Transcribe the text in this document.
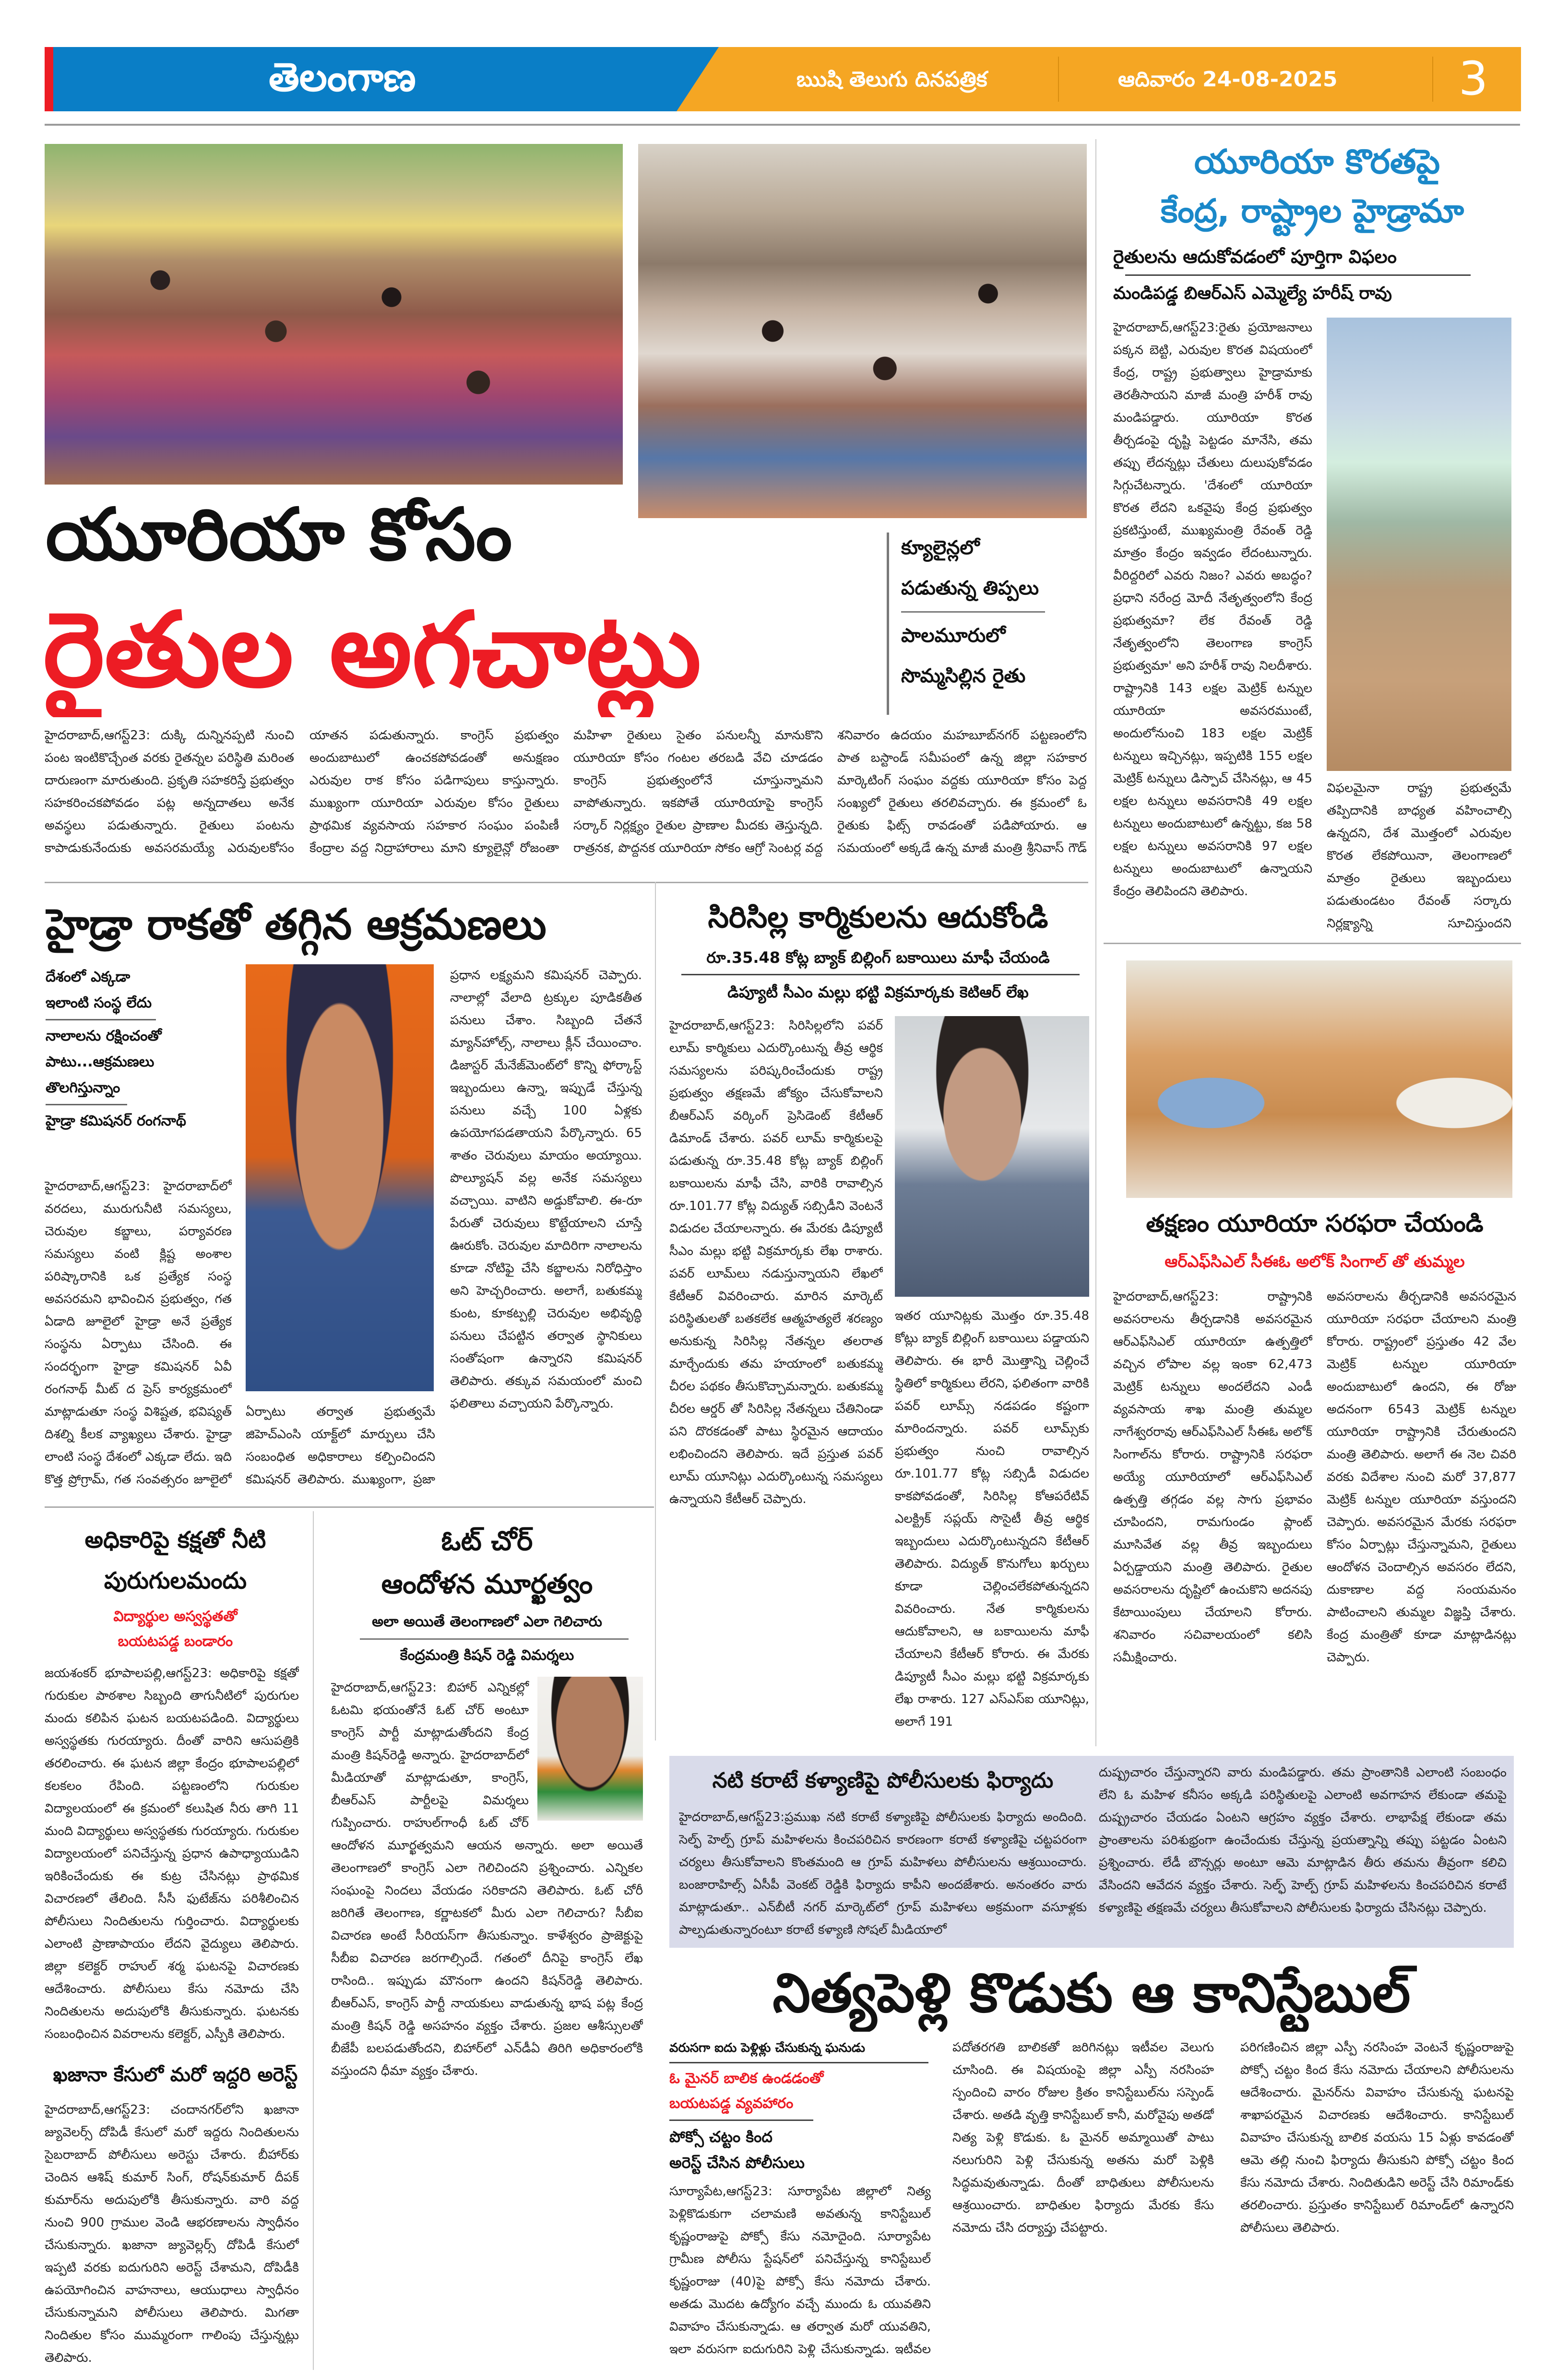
తెలంగాణ	ఋషి తెలుగు దినపత్రిక	ఆదివారం 24-08-2025	3
యూరియా కోసం
రైతుల అగచాట్లు
క్యూలైన్లలో
పడుతున్న తిప్పలు
పాలమూరులో
సొమ్మసిల్లిన రైతు
హైదరాబాద్,ఆగస్ట్23: దుక్కి దున్నినప్పటి నుంచి పంట ఇంటికొచ్చేంత వరకు రైతన్నల పరిస్థితి మరింత దారుణంగా మారుతుంది. ప్రకృతి సహకరిస్తే ప్రభుత్వం సహకరించకపోవడం పట్ల అన్నదాతలు అనేక అవస్థలు పడుతున్నారు. రైతులు పంటను కాపాడుకునేందుకు అవసరమయ్యే ఎరువులకోసం
యాతన పడుతున్నారు. కాంగ్రెస్ ప్రభుత్వం అందుబాటులో ఉంచకపోవడంతో అనుక్షణం ఎరువుల రాక కోసం పడిగాపులు కాస్తున్నారు. ముఖ్యంగా యూరియా ఎరువుల కోసం రైతులు ప్రాథమిక వ్యవసాయ సహకార సంఘం పంపిణీ కేంద్రాల వద్ద నిద్రాహారాలు మాని క్యూలైన్లో రోజంతా
మహిళా రైతులు సైతం పనులన్నీ మానుకొని యూరియా కోసం గంటల తరబడి వేచి చూడడం కాంగ్రెస్ ప్రభుత్వంలోనే చూస్తున్నామని వాపోతున్నారు. ఇకపోతే యూరియాపై కాంగ్రెస్ సర్కార్ నిర్లక్ష్యం రైతుల ప్రాణాల మీదకు తెస్తున్నది. రాత్రనక, పొద్దనక యూరియా సోకం ఆగ్రో సెంటర్ల వద్ద
శనివారం ఉదయం మహబూబ్‌నగర్ పట్టణంలోని పాత బస్టాండ్ సమీపంలో ఉన్న జిల్లా సహకార మార్కెటింగ్ సంఘం వద్దకు యూరియా కోసం పెద్ద సంఖ్యలో రైతులు తరలివచ్చారు. ఈ క్రమంలో ఓ రైతుకు ఫిట్స్ రావడంతో పడిపోయారు. ఆ సమయంలో అక్కడే ఉన్న మాజీ మంత్రి శ్రీనివాస్ గౌడ్
యూరియా కొరతపై
కేంద్ర, రాష్ట్రాల హైడ్రామా
రైతులను ఆదుకోవడంలో పూర్తిగా విఫలం
మండిపడ్డ బిఆర్ఎస్ ఎమ్మెల్యే హరీష్ రావు
హైదరాబాద్,ఆగస్ట్23:రైతు ప్రయోజనాలు పక్కన బెట్టి, ఎరువుల కొరత విషయంలో కేంద్ర, రాష్ట్ర ప్రభుత్వాలు హైడ్రామాకు తెరతీసాయని మాజీ మంత్రి హరీశ్ రావు మండిపడ్డారు. యూరియా కొరత తీర్చడంపై దృష్టి పెట్టడం మానేసి, తమ తప్పు లేదన్నట్లు చేతులు దులుపుకోవడం సిగ్గుచేటన్నారు. 'దేశంలో యూరియా కొరత లేదని ఒకవైపు కేంద్ర ప్రభుత్వం ప్రకటిస్తుంటే, ముఖ్యమంత్రి రేవంత్ రెడ్డి మాత్రం కేంద్రం ఇవ్వడం లేదంటున్నారు. వీరిద్దరిలో ఎవరు నిజం? ఎవరు అబద్ధం? ప్రధాని నరేంద్ర మోదీ నేతృత్వంలోని కేంద్ర ప్రభుత్వమా? లేక రేవంత్ రెడ్డి నేతృత్వంలోని తెలంగాణ కాంగ్రెస్ ప్రభుత్వమా' అని హరీశ్ రావు నిలదీశారు. రాష్ట్రానికి 143 లక్షల మెట్రిక్ టన్నుల యూరియా అవసరముంటే, అందులోనుంచి 183 లక్షల మెట్రిక్ టన్నులు ఇచ్చినట్లు, ఇప్పటికి 155 లక్షల మెట్రిక్ టన్నులు డిస్పాచ్ చేసినట్లు, ఆ 45 లక్షల టన్నులు అవసరానికి 49 లక్షల టన్నులు అందుబాటులో ఉన్నట్టు, కజ 58 లక్షల టన్నులు అవసరానికి 97 లక్షల టన్నులు అందుబాటులో ఉన్నాయని కేంద్రం తెలిపిందని తెలిపారు.
విఫలమైనా రాష్ట్ర ప్రభుత్వమే తప్పిదానికి బాధ్యత వహించాల్సి ఉన్నదని, దేశ మొత్తంలో ఎరువుల కొరత లేకపోయినా, తెలంగాణలో మాత్రం రైతులు ఇబ్బందులు పడుతుండటం రేవంత్ సర్కారు నిర్లక్ష్యాన్ని సూచిస్తుందని
తక్షణం యూరియా సరఫరా చేయండి
ఆర్ఎఫ్‌సిఎల్ సీఈఓ అలోక్ సింగాల్ తో తుమ్మల
హైదరాబాద్,ఆగస్ట్23: రాష్ట్రానికి అవసరాలను తీర్చడానికి అవసరమైన ఆర్ఎఫ్‌సిఎల్ యూరియా ఉత్పత్తిలో వచ్చిన లోపాల వల్ల ఇంకా 62,473 మెట్రిక్ టన్నులు అందలేదని ఎండీ వ్యవసాయ శాఖ మంత్రి తుమ్మల నాగేశ్వరరావు ఆర్ఎఫ్‌సిఎల్ సీఈఓ అలోక్ సింగాల్‌ను కోరారు. రాష్ట్రానికి సరఫరా అయ్యే యూరియాలో ఆర్ఎఫ్‌సిఎల్ ఉత్పత్తి తగ్గడం వల్ల సాగు ప్రభావం చూపిందని, రామగుండం ప్లాంట్ మూసివేత వల్ల తీవ్ర ఇబ్బందులు ఏర్పడ్డాయని మంత్రి తెలిపారు. రైతుల అవసరాలను దృష్టిలో ఉంచుకొని అదనపు కేటాయింపులు చేయాలని కోరారు. శనివారం సచివాలయంలో కలిసి సమీక్షించారు.
అవసరాలను తీర్చడానికి అవసరమైన యూరియా సరఫరా చేయాలని మంత్రి కోరారు. రాష్ట్రంలో ప్రస్తుతం 42 వేల మెట్రిక్ టన్నుల యూరియా అందుబాటులో ఉందని, ఈ రోజు అదనంగా 6543 మెట్రిక్ టన్నుల యూరియా రాష్ట్రానికి చేరుతుందని మంత్రి తెలిపారు. అలాగే ఈ నెల చివరి వరకు విదేశాల నుంచి మరో 37,877 మెట్రిక్ టన్నుల యూరియా వస్తుందని చెప్పారు. అవసరమైన మేరకు సరఫరా కోసం ఏర్పాట్లు చేస్తున్నామని, రైతులు ఆందోళన చెందాల్సిన అవసరం లేదని, దుకాణాల వద్ద సంయమనం పాటించాలని తుమ్మల విజ్ఞప్తి చేశారు. కేంద్ర మంత్రితో కూడా మాట్లాడినట్లు చెప్పారు.
హైడ్రా రాకతో తగ్గిన ఆక్రమణలు
దేశంలో ఎక్కడా
ఇలాంటి సంస్థ లేదు
నాలాలను రక్షించంతో
పాటు...ఆక్రమణలు
తొలగిస్తున్నాం
హైడ్రా కమిషనర్ రంగనాథ్
హైదరాబాద్,ఆగస్ట్23: హైదరాబాద్‌లో వరదలు, మురుగునీటి సమస్యలు, చెరువుల కబ్జాలు, పర్యావరణ సమస్యలు వంటి క్లిష్ట అంశాల పరిష్కారానికి ఒక ప్రత్యేక సంస్థ అవసరమని భావించిన ప్రభుత్వం, గత ఏడాది జూలైలో హైడ్రా అనే ప్రత్యేక సంస్థను ఏర్పాటు చేసింది. ఈ సందర్భంగా హైడ్రా కమిషనర్ ఏవీ రంగనాథ్ మీట్ ద ప్రెస్ కార్యక్రమంలో మాట్లాడుతూ సంస్థ విశిష్టత, భవిష్యత్ దిశల్ని కీలక వ్యాఖ్యలు చేశారు. హైడ్రా లాంటి సంస్థ దేశంలో ఎక్కడా లేదు. ఇది కొత్త ప్రోగ్రామ్, గత సంవత్సరం జూలైలో
ఏర్పాటు తర్వాత ప్రభుత్వమే జిహెచ్ఎంసి యాక్ట్‌లో మార్పులు చేసి సంబంధిత అధికారాలు కల్పించిందని కమిషనర్ తెలిపారు. ముఖ్యంగా, ప్రజా
ప్రధాన లక్ష్యమని కమిషనర్ చెప్పారు. నాలాల్లో వేలాది ట్రక్కుల పూడికతీత పనులు చేశాం. సిబ్బంది చేతనే మ్యాన్‌హోల్స్, నాలాలు క్లీన్ చేయించాం. డిజాస్టర్ మేనేజ్‌మెంట్‌లో కొన్ని ఫోర్కాస్ట్ ఇబ్బందులు ఉన్నా, ఇప్పుడే చేస్తున్న పనులు వచ్చే 100 ఏళ్లకు ఉపయోగపడతాయని పేర్కొన్నారు. 65 శాతం చెరువులు మాయం అయ్యాయి. పొల్యూషన్ వల్ల అనేక సమస్యలు వచ్చాయి. వాటిని అడ్డుకోవాలి. ఈ-రూ పేరుతో చెరువులు కొట్టేయాలని చూస్తే ఊరుకోం. చెరువుల మాదిరిగా నాలాలను కూడా నోటిఫై చేసి కబ్జాలను నిరోధిస్తాం అని హెచ్చరించారు. అలాగే, బతుకమ్మ కుంట, కూకట్పల్లి చెరువుల అభివృద్ధి పనులు చేపట్టిన తర్వాత స్థానికులు సంతోషంగా ఉన్నారని కమిషనర్ తెలిపారు. తక్కువ సమయంలో మంచి ఫలితాలు వచ్చాయని పేర్కొన్నారు.
సిరిసిల్ల కార్మికులను ఆదుకోండి
రూ.35.48 కోట్ల బ్యాక్ బిల్లింగ్ బకాయిలు మాఫీ చేయండి
డిప్యూటీ సీఎం మల్లు భట్టి విక్రమార్కకు కెటిఆర్ లేఖ
హైదరాబాద్,ఆగస్ట్23: సిరిసిల్లలోని పవర్ లూమ్ కార్మికులు ఎదుర్కొంటున్న తీవ్ర ఆర్థిక సమస్యలను పరిష్కరించేందుకు రాష్ట్ర ప్రభుత్వం తక్షణమే జోక్యం చేసుకోవాలని బీఆర్ఎస్ వర్కింగ్ ప్రెసిడెంట్ కేటీఆర్ డిమాండ్ చేశారు. పవర్ లూమ్ కార్మికులపై పడుతున్న రూ.35.48 కోట్ల బ్యాక్ బిల్లింగ్ బకాయిలను మాఫీ చేసి, వారికి రావాల్సిన రూ.101.77 కోట్ల విద్యుత్ సబ్సిడీని వెంటనే విడుదల చేయాలన్నారు. ఈ మేరకు డిప్యూటీ సీఎం మల్లు భట్టి విక్రమార్కకు లేఖ రాశారు. పవర్ లూమ్‌లు నడుస్తున్నాయని లేఖలో కేటీఆర్ వివరించారు. మారిన మార్కెట్ పరిస్థితులతో బతకలేక ఆత్మహత్యలే శరణ్యం అనుకున్న సిరిసిల్ల నేతన్నల తలరాత మార్చేందుకు తమ హయాంలో బతుకమ్మ చీరల పథకం తీసుకొచ్చామన్నారు. బతుకమ్మ చీరల ఆర్డర్ తో సిరిసిల్ల నేతన్నలు చేతినిండా పని దొరకడంతో పాటు స్థిరమైన ఆదాయం లభించిందని తెలిపారు. ఇదే ప్రస్తుత పవర్ లూమ్ యూనిట్లు ఎదుర్కొంటున్న సమస్యలు ఉన్నాయని కేటీఆర్ చెప్పారు.
ఇతర యూనిట్లకు మొత్తం రూ.35.48 కోట్లు బ్యాక్ బిల్లింగ్ బకాయిలు పడ్డాయని తెలిపారు. ఈ భారీ మొత్తాన్ని చెల్లించే స్థితిలో కార్మికులు లేరని, ఫలితంగా వారికి పవర్ లూమ్స్ నడపడం కష్టంగా మారిందన్నారు. పవర్ లూమ్స్‌కు ప్రభుత్వం నుంచి రావాల్సిన రూ.101.77 కోట్ల సబ్సిడీ విడుదల కాకపోవడంతో, సిరిసిల్ల కోఆపరేటివ్ ఎలక్ట్రిక్ సప్లయ్ సొసైటీ తీవ్ర ఆర్థిక ఇబ్బందులు ఎదుర్కొంటున్నదని కేటీఆర్ తెలిపారు. విద్యుత్ కొనుగోలు ఖర్చులు కూడా చెల్లించలేకపోతున్నదని వివరించారు. నేత కార్మికులను ఆదుకోవాలని, ఆ బకాయిలను మాఫీ చేయాలని కేటీఆర్ కోరారు. ఈ మేరకు డిప్యూటీ సీఎం మల్లు భట్టి విక్రమార్కకు లేఖ రాశారు. 127 ఎస్ఎస్ఐ యూనిట్లు, అలాగే 191
అధికారిపై కక్షతో నీటి
పురుగులమందు
విద్యార్థుల అస్వస్థతతో
బయటపడ్డ బండారం
జయశంకర్ భూపాలపల్లి,ఆగస్ట్23: అధికారిపై కక్షతో గురుకుల పాఠశాల సిబ్బంది తాగునీటిలో పురుగుల మందు కలిపిన ఘటన బయటపడింది. విద్యార్థులు అస్వస్థతకు గురయ్యారు. దీంతో వారిని ఆసుపత్రికి తరలించారు. ఈ ఘటన జిల్లా కేంద్రం భూపాలపల్లిలో కలకలం రేపింది. పట్టణంలోని గురుకుల విద్యాలయంలో ఈ క్రమంలో కలుషిత నీరు తాగి 11 మంది విద్యార్థులు అస్వస్థతకు గురయ్యారు. గురుకుల విద్యాలయంలో పనిచేస్తున్న ప్రధాన ఉపాధ్యాయుడిని ఇరికించేందుకు ఈ కుట్ర చేసినట్లు ప్రాథమిక విచారణలో తేలింది. సీసీ ఫుటేజ్‌ను పరిశీలించిన పోలీసులు నిందితులను గుర్తించారు. విద్యార్థులకు ఎలాంటి ప్రాణాపాయం లేదని వైద్యులు తెలిపారు. జిల్లా కలెక్టర్ రాహుల్ శర్మ ఘటనపై విచారణకు ఆదేశించారు. పోలీసులు కేసు నమోదు చేసి నిందితులను అదుపులోకి తీసుకున్నారు. ఘటనకు సంబంధించిన వివరాలను కలెక్టర్, ఎస్పీకి తెలిపారు.
ఖజానా కేసులో మరో ఇద్దరి అరెస్ట్
హైదరాబాద్,ఆగస్ట్23: చందానగర్‌లోని ఖజానా జ్యువెలర్స్ దోపిడీ కేసులో మరో ఇద్దరు నిందితులను సైబరాబాద్ పోలీసులు అరెస్టు చేశారు. బీహార్‌కు చెందిన ఆశిష్ కుమార్ సింగ్, రోషన్‌కుమార్ దీపక్ కుమార్‌ను అదుపులోకి తీసుకున్నారు. వారి వద్ద నుంచి 900 గ్రాముల వెండి ఆభరణాలను స్వాధీనం చేసుకున్నారు. ఖజానా జ్యువెల్లర్స్ దోపిడీ కేసులో ఇప్పటి వరకు ఐదుగురిని అరెస్ట్ చేశామని, దోపిడీకి ఉపయోగించిన వాహనాలు, ఆయుధాలు స్వాధీనం చేసుకున్నామని పోలీసులు తెలిపారు. మిగతా నిందితుల కోసం ముమ్మరంగా గాలింపు చేస్తున్నట్లు తెలిపారు.
ఓట్ చోర్
ఆందోళన మూర్ఖత్వం
అలా అయితే తెలంగాణలో ఎలా గెలిచారు
కేంద్రమంత్రి కిషన్ రెడ్డి విమర్శలు
హైదరాబాద్,ఆగస్ట్23: బిహార్ ఎన్నికల్లో ఓటమి భయంతోనే ఓట్ చోర్ అంటూ కాంగ్రెస్ పార్టీ మాట్లాడుతోందని కేంద్ర మంత్రి కిషన్‌రెడ్డి అన్నారు. హైదరాబాద్‌లో మీడియాతో మాట్లాడుతూ, కాంగ్రెస్, బీఆర్ఎస్ పార్టీలపై విమర్శలు గుప్పించారు. రాహుల్‌గాంధీ ఓట్ చోర్ ఆందోళన మూర్ఖత్వమని ఆయన అన్నారు. అలా అయితే తెలంగాణలో కాంగ్రెస్ ఎలా గెలిచిందని ప్రశ్నించారు. ఎన్నికల సంఘంపై నిందలు వేయడం సరికాదని తెలిపారు. ఓట్ చోరీ జరిగితే తెలంగాణ, కర్ణాటకలో మీరు ఎలా గెలిచారు? సీబీఐ విచారణ అంటే సీరియస్‌గా తీసుకున్నాం. కాళేశ్వరం ప్రాజెక్టుపై సీబీఐ విచారణ జరగాల్సిందే. గతంలో దీనిపై కాంగ్రెస్ లేఖ రాసింది.. ఇప్పుడు మౌనంగా ఉందని కిషన్‌రెడ్డి తెలిపారు. బీఆర్ఎస్, కాంగ్రెస్ పార్టీ నాయకులు వాడుతున్న భాష పట్ల కేంద్ర మంత్రి కిషన్ రెడ్డి అసహనం వ్యక్తం చేశారు. ప్రజల ఆశీస్సులతో బీజేపీ బలపడుతోందని, బిహార్‌లో ఎన్‌డీఏ తిరిగి అధికారంలోకి వస్తుందని ధీమా వ్యక్తం చేశారు.
నటి కరాటే కళ్యాణిపై పోలీసులకు ఫిర్యాదు
హైదరాబాద్,ఆగస్ట్23:ప్రముఖ నటి కరాటే కళ్యాణిపై పోలీసులకు ఫిర్యాదు అందింది. సెల్ఫ్ హెల్ప్ గ్రూప్ మహిళలను కించపరిచిన కారణంగా కరాటే కళ్యాణిపై చట్టపరంగా చర్యలు తీసుకోవాలని కొంతమంది ఆ గ్రూప్ మహిళలు పోలీసులను ఆశ్రయించారు. బంజారాహిల్స్ ఏసీపీ వెంకట్ రెడ్డికి ఫిర్యాదు కాపీని అందజేశారు. అనంతరం వారు మాట్లాడుతూ.. ఎన్‌బీటీ నగర్ మార్కెట్‌లో గ్రూప్ మహిళలు అక్రమంగా వసూళ్లకు పాల్పడుతున్నారంటూ కరాటే కళ్యాణి సోషల్ మీడియాలో
దుష్ప్రచారం చేస్తున్నారని వారు మండిపడ్డారు. తమ ప్రాంతానికి ఎలాంటి సంబంధం లేని ఓ మహిళ కనీసం అక్కడి పరిస్థితులపై ఎలాంటి అవగాహన లేకుండా తమపై దుష్ప్రచారం చేయడం ఏంటని ఆగ్రహం వ్యక్తం చేశారు. లాభాపేక్ష లేకుండా తమ ప్రాంతాలను పరిశుభ్రంగా ఉంచేందుకు చేస్తున్న ప్రయత్నాన్ని తప్పు పట్టడం ఏంటని ప్రశ్నించారు. లేడీ బౌన్సర్లు అంటూ ఆమె మాట్లాడిన తీరు తమను తీవ్రంగా కలిచి వేసిందని ఆవేదన వ్యక్తం చేశారు. సెల్ఫ్ హెల్ప్ గ్రూప్ మహిళలను కించపరిచిన కరాటే కళ్యాణిపై తక్షణమే చర్యలు తీసుకోవాలని పోలీసులకు ఫిర్యాదు చేసినట్లు చెప్పారు.
నిత్యపెళ్లి కొడుకు ఆ కానిస్టేబుల్
వరుసగా ఐదు పెళ్లిళ్లు చేసుకున్న ఘనుడు
ఓ మైనర్ బాలిక ఉండడంతో
బయటపడ్డ వ్యవహారం
పోక్సో చట్టం కింద
అరెస్ట్ చేసిన పోలీసులు
సూర్యాపేట,ఆగస్ట్23: సూర్యాపేట జిల్లాలో నిత్య పెళ్లికొడుకుగా చలామణి అవతున్న కానిస్టేబుల్ కృష్ణంరాజుపై పోక్సో కేసు నమోదైంది. సూర్యాపేట గ్రామీణ పోలీసు స్టేషన్‌లో పనిచేస్తున్న కానిస్టేబుల్ కృష్ణంరాజు (40)పై పోక్సో కేసు నమోదు చేశారు. అతడు మొదట ఉద్యోగం వచ్చే ముందు ఓ యువతిని వివాహం చేసుకున్నాడు. ఆ తర్వాత మరో యువతిని, ఇలా వరుసగా ఐదుగురిని పెళ్లి చేసుకున్నాడు. ఇటీవల
పదోతరగతి బాలికతో జరిగినట్లు ఇటీవల వెలుగు చూసింది. ఈ విషయంపై జిల్లా ఎస్పీ నరసింహ స్పందించి వారం రోజుల క్రితం కానిస్టేబుల్‌ను సస్పెండ్ చేశారు. అతడి వృత్తి కానిస్టేబుల్ కానీ, మరోవైపు అతడో నిత్య పెళ్లి కొడుకు. ఓ మైనర్ అమ్మాయితో పాటు నలుగురిని పెళ్లి చేసుకున్న అతను మరో పెళ్లికి సిద్ధమవుతున్నాడు. దీంతో బాధితులు పోలీసులను ఆశ్రయించారు. బాధితుల ఫిర్యాదు మేరకు కేసు నమోదు చేసి దర్యాప్తు చేపట్టారు.
పరిగణించిన జిల్లా ఎస్పీ నరసింహ వెంటనే కృష్ణంరాజుపై పోక్సో చట్టం కింద కేసు నమోదు చేయాలని పోలీసులను ఆదేశించారు. మైనర్‌ను వివాహం చేసుకున్న ఘటనపై శాఖాపరమైన విచారణకు ఆదేశించారు. కానిస్టేబుల్ వివాహం చేసుకున్న బాలిక వయసు 15 ఏళ్లు కావడంతో ఆమె తల్లి నుంచి ఫిర్యాదు తీసుకుని పోక్సో చట్టం కింద కేసు నమోదు చేశారు. నిందితుడిని అరెస్ట్ చేసి రిమాండ్‌కు తరలించారు. ప్రస్తుతం కానిస్టేబుల్ రిమాండ్‌లో ఉన్నారని పోలీసులు తెలిపారు.
